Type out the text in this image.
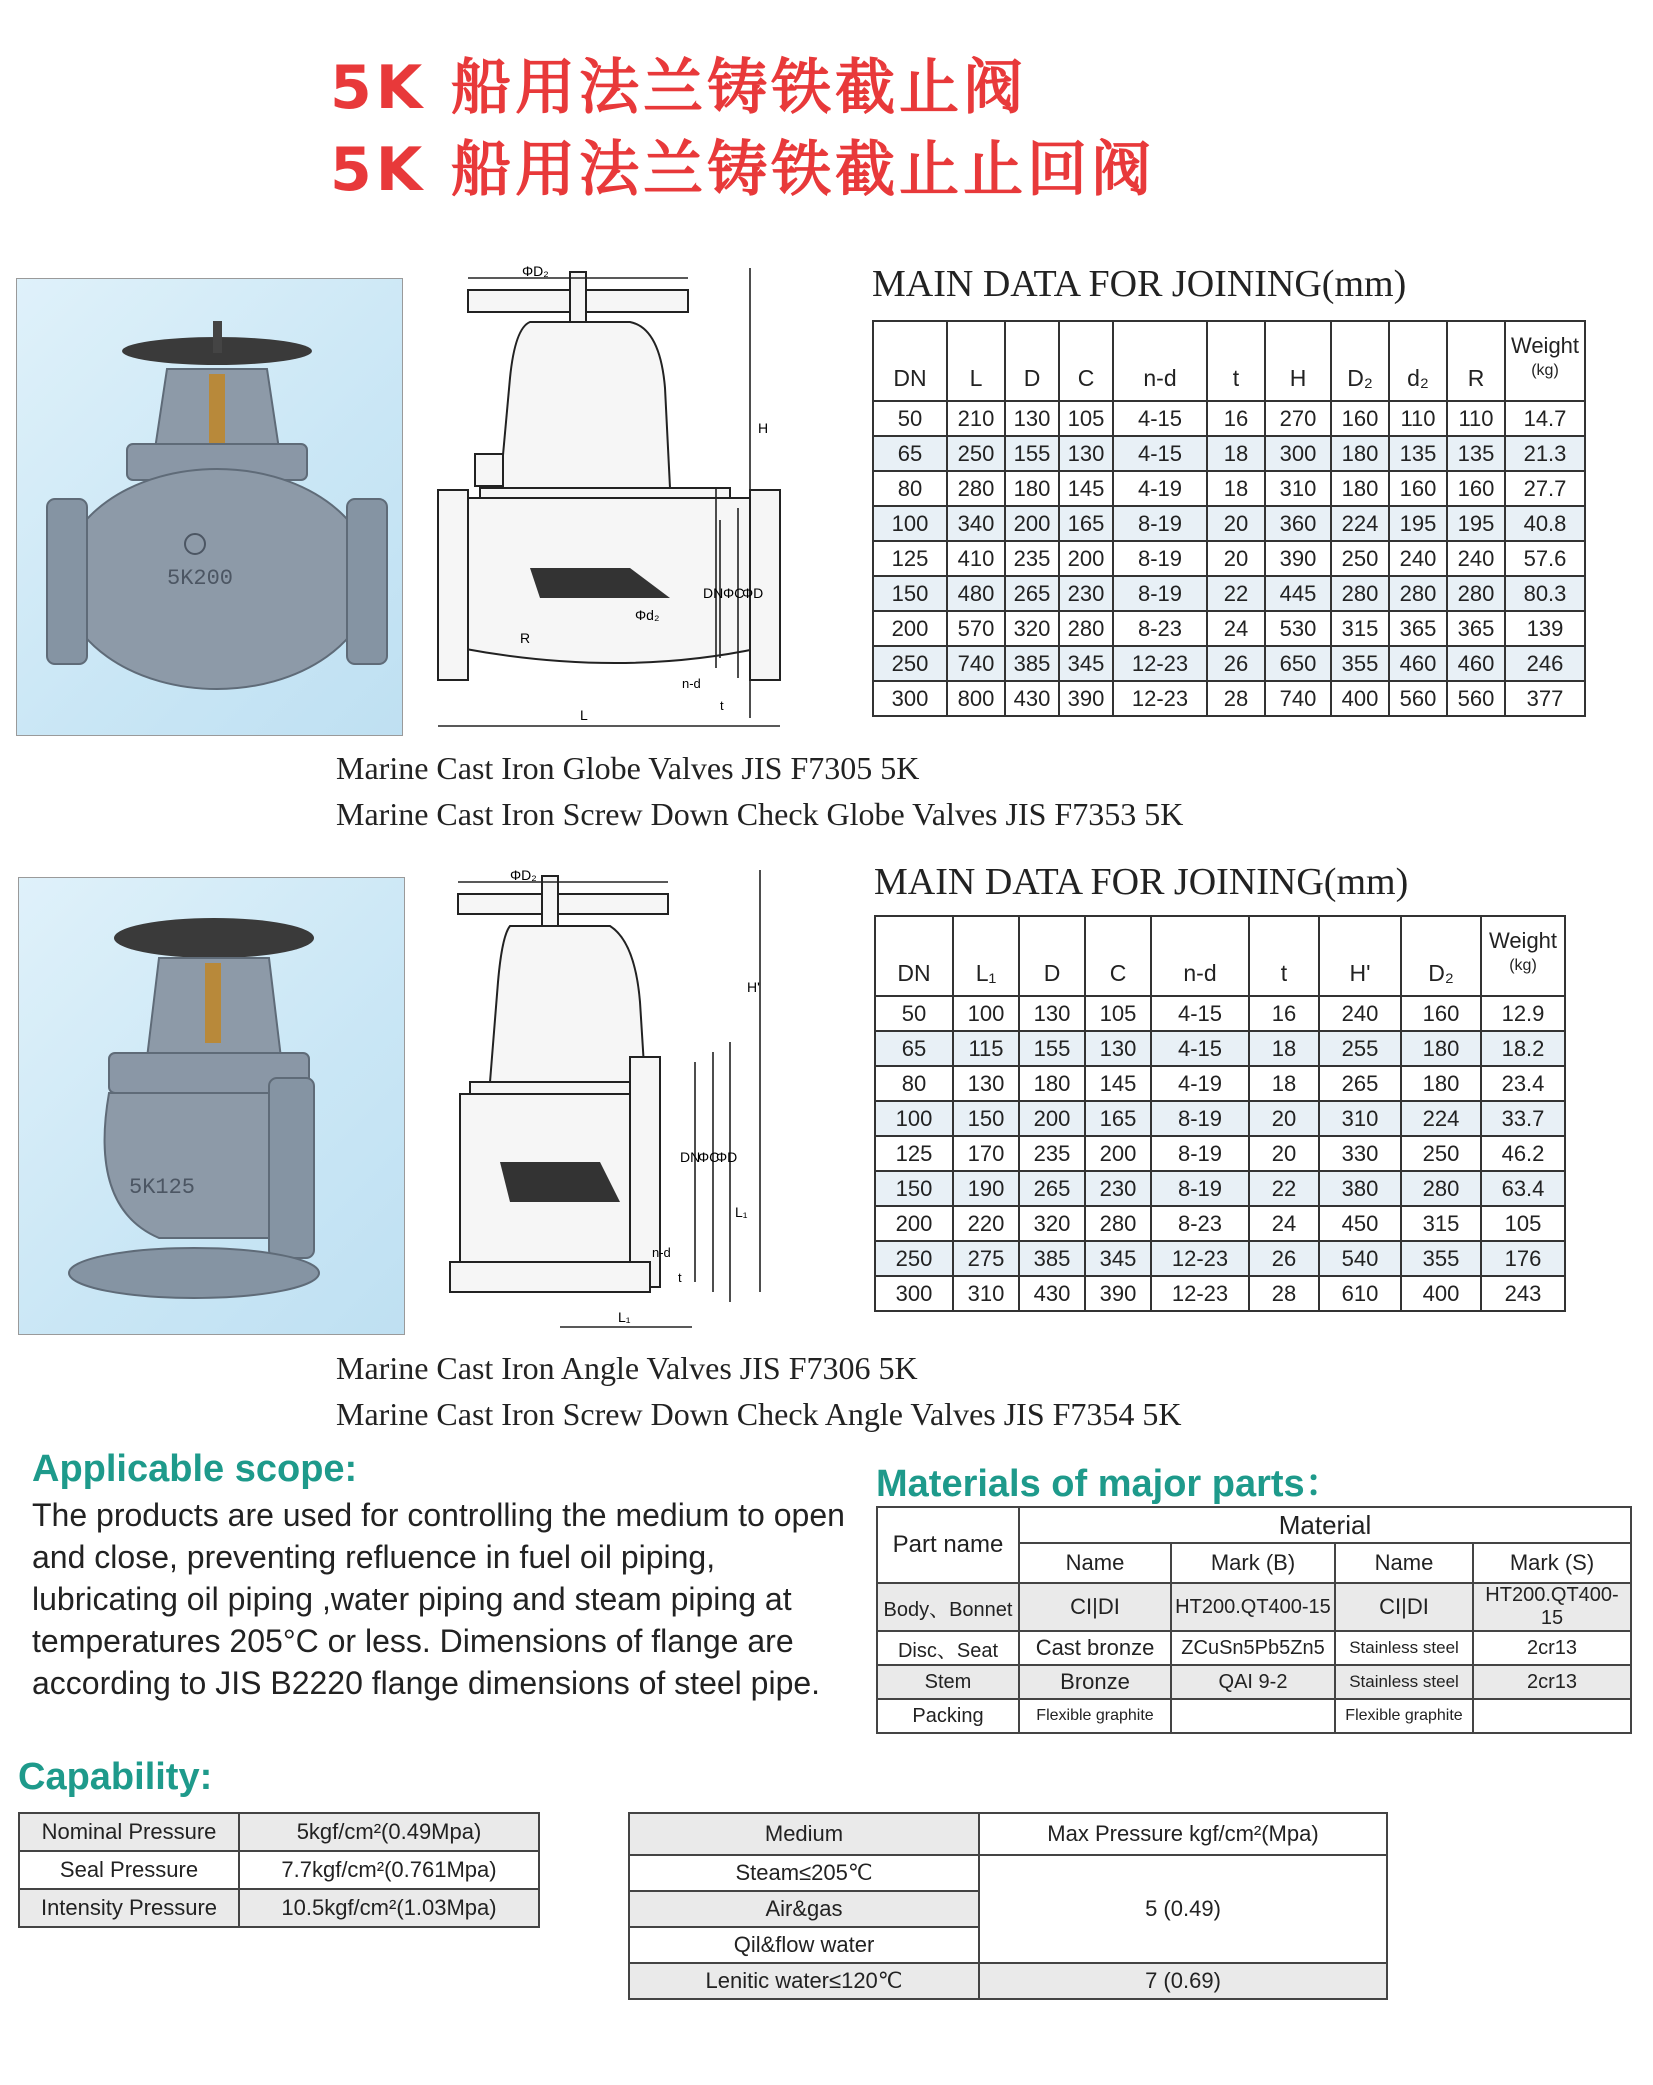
5K 船用法兰铸铁截止阀
5K 船用法兰铸铁截止止回阀
5K200
ΦD₂
H
DN ΦC
ΦD
R
Φd₂
n-d
t
L
MAIN DATA FOR JOINING(mm)
DN	L	D	C	n-d	t	H	D₂	d₂	R	Weight
(kg)

50	210	130	105	4-15	16	270	160	110	110	14.7
65	250	155	130	4-15	18	300	180	135	135	21.3
80	280	180	145	4-19	18	310	180	160	160	27.7
100	340	200	165	8-19	20	360	224	195	195	40.8
125	410	235	200	8-19	20	390	250	240	240	57.6
150	480	265	230	8-19	22	445	280	280	280	80.3
200	570	320	280	8-23	24	530	315	365	365	139
250	740	385	345	12-23	26	650	355	460	460	246
300	800	430	390	12-23	28	740	400	560	560	377
Marine Cast Iron Globe Valves JIS F7305 5K
Marine Cast Iron Screw Down Check Globe Valves JIS F7353 5K
5K125
ΦD₂
H'
DN
ΦC
ΦD
L₁
n-d
t
L₁
MAIN DATA FOR JOINING(mm)
DN	L₁	D	C	n-d	t	H'	D₂	Weight
(kg)

50	100	130	105	4-15	16	240	160	12.9
65	115	155	130	4-15	18	255	180	18.2
80	130	180	145	4-19	18	265	180	23.4
100	150	200	165	8-19	20	310	224	33.7
125	170	235	200	8-19	20	330	250	46.2
150	190	265	230	8-19	22	380	280	63.4
200	220	320	280	8-23	24	450	315	105
250	275	385	345	12-23	26	540	355	176
300	310	430	390	12-23	28	610	400	243
Marine Cast Iron Angle Valves JIS F7306 5K
Marine Cast Iron Screw Down Check Angle Valves JIS F7354 5K
Applicable scope:
The products are used for controlling the medium to open and close, preventing refluence in fuel oil piping, lubricating oil piping ,water piping and steam piping at temperatures 205°C or less. Dimensions of flange are according to JIS B2220 flange dimensions of steel pipe.
Materials of major parts：
Part name	Material			
	Name	Mark (B)	Name	Mark (S)
Body、Bonnet	CI|DI	HT200.QT400-15	CI|DI	HT200.QT400-15
Disc、Seat	Cast bronze	ZCuSn5Pb5Zn5	Stainless steel	2cr13
Stem	Bronze	QAI 9-2	Stainless steel	2cr13
Packing	Flexible graphite		Flexible graphite	
Capability:
Nominal Pressure	5kgf/cm²(0.49Mpa)
Seal Pressure	7.7kgf/cm²(0.761Mpa)
Intensity Pressure	10.5kgf/cm²(1.03Mpa)
Medium	Max Pressure kgf/cm²(Mpa)
Steam≤205℃	5 (0.49)
Air&gas	
Qil&flow water	
Lenitic water≤120℃	7 (0.69)
